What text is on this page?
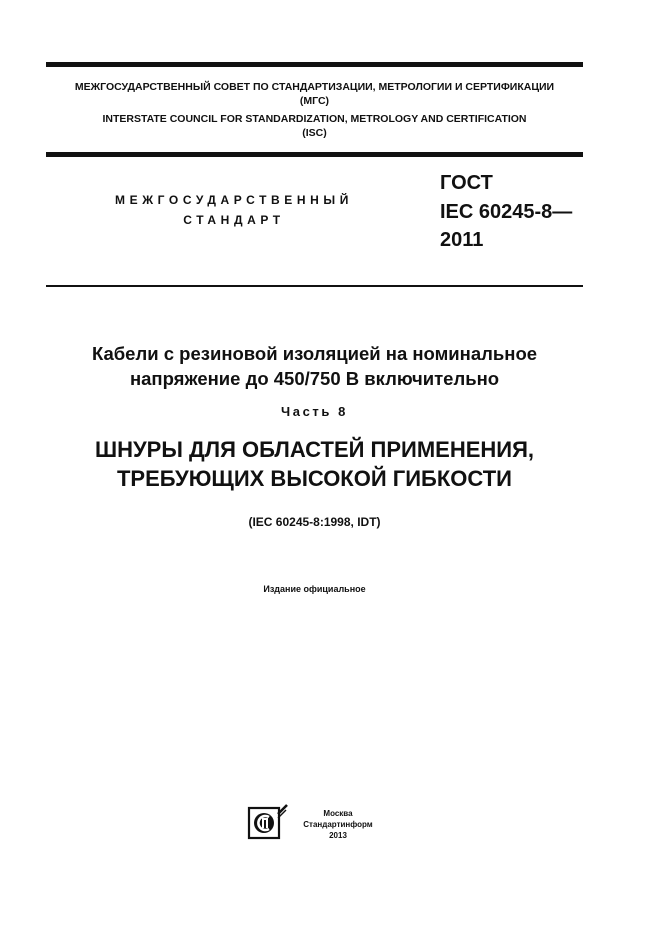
МЕЖГОСУДАРСТВЕННЫЙ СОВЕТ ПО СТАНДАРТИЗАЦИИ, МЕТРОЛОГИИ И СЕРТИФИКАЦИИ
(МГС)
INTERSTATE COUNCIL FOR STANDARDIZATION, METROLOGY AND CERTIFICATION
(ISC)
МЕЖГОСУДАРСТВЕННЫЙ
СТАНДАРТ
ГОСТ
IEC 60245-8—
2011
Кабели с резиновой изоляцией на номинальное
напряжение до 450/750 В включительно
Часть 8
ШНУРЫ ДЛЯ ОБЛАСТЕЙ ПРИМЕНЕНИЯ,
ТРЕБУЮЩИХ ВЫСОКОЙ ГИБКОСТИ
(IEC 60245-8:1998, IDT)
Издание официальное
Москва
Стандартинформ
2013
